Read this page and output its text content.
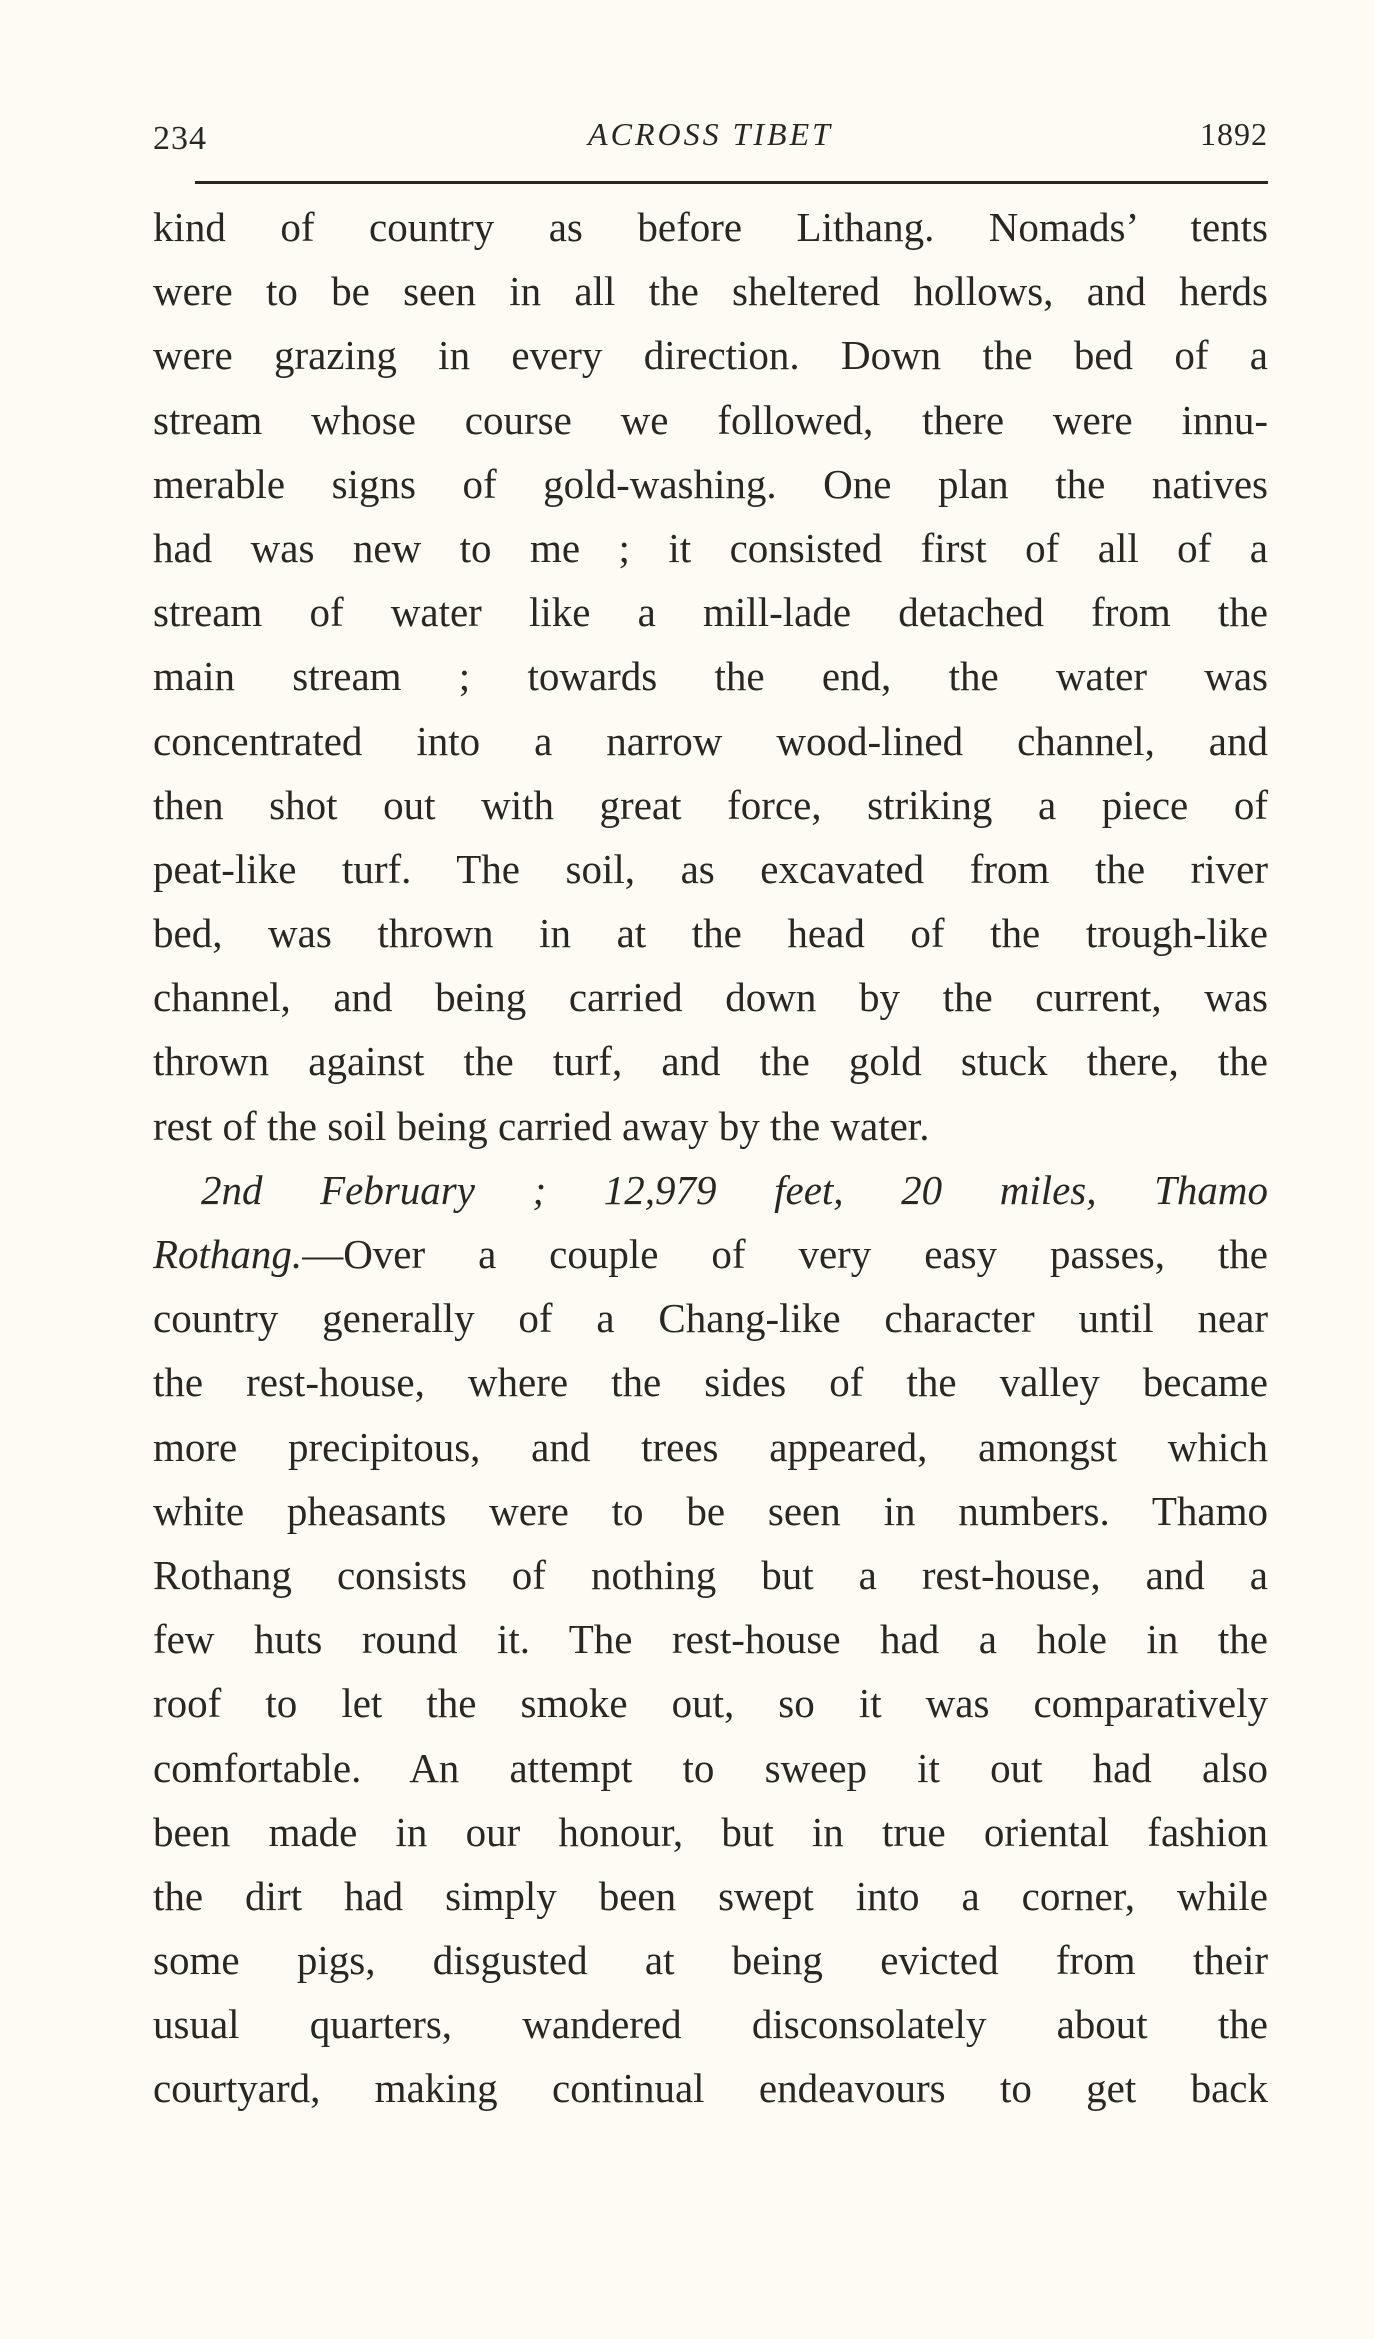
234	ACROSS TIBET	1892
kind of country as before Lithang. Nomads’ tents
were to be seen in all the sheltered hollows, and herds
were grazing in every direction. Down the bed of a
stream whose course we followed, there were innu-
merable signs of gold-washing. One plan the natives
had was new to me ; it consisted first of all of a
stream of water like a mill-lade detached from the
main stream ; towards the end, the water was
concentrated into a narrow wood-lined channel, and
then shot out with great force, striking a piece of
peat-like turf. The soil, as excavated from the river
bed, was thrown in at the head of the trough-like
channel, and being carried down by the current, was
thrown against the turf, and the gold stuck there, the
rest of the soil being carried away by the water.
2nd February ; 12,979 feet, 20 miles, Thamo
Rothang.—Over a couple of very easy passes, the
country generally of a Chang-like character until near
the rest-house, where the sides of the valley became
more precipitous, and trees appeared, amongst which
white pheasants were to be seen in numbers. Thamo
Rothang consists of nothing but a rest-house, and a
few huts round it. The rest-house had a hole in the
roof to let the smoke out, so it was comparatively
comfortable. An attempt to sweep it out had also
been made in our honour, but in true oriental fashion
the dirt had simply been swept into a corner, while
some pigs, disgusted at being evicted from their
usual quarters, wandered disconsolately about the
courtyard, making continual endeavours to get back
